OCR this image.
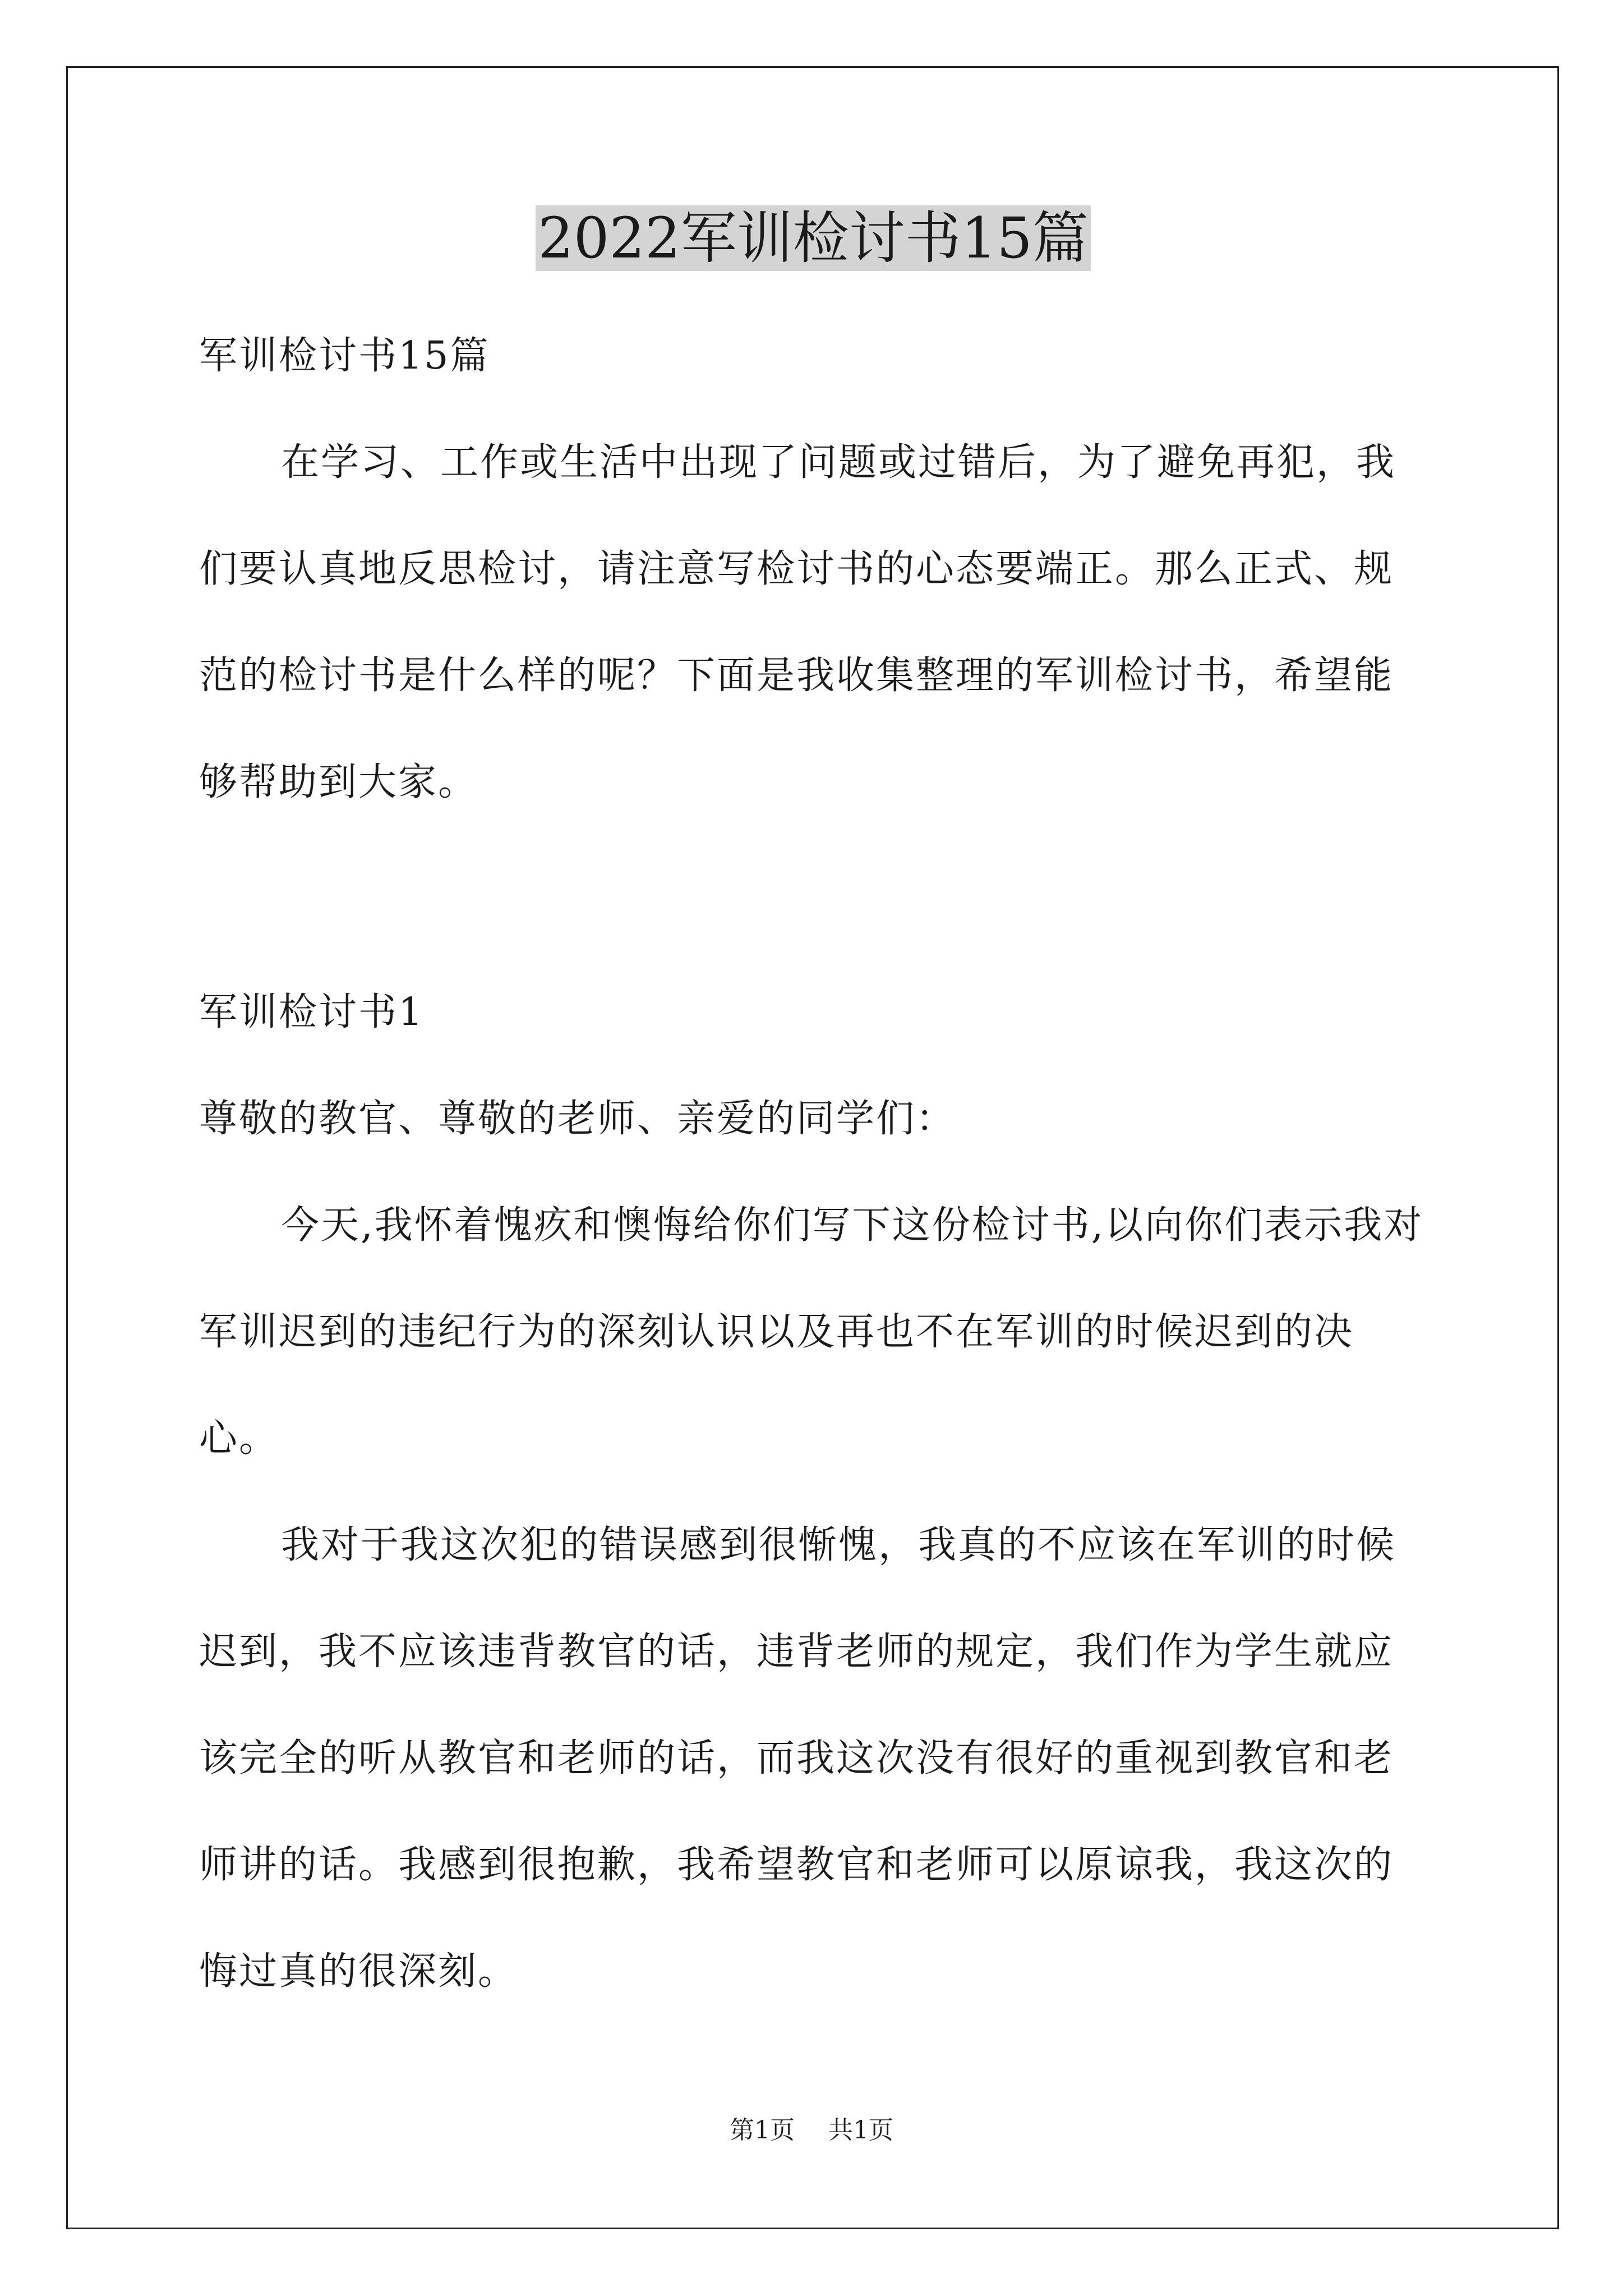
2022军训检讨书15篇

军训检讨书15篇

在学习、工作或生活中出现了问题或过错后，为了避免再犯，我们要认真地反思检讨，请注意写检讨书的心态要端正。那么正式、规范的检讨书是什么样的呢？下面是我收集整理的军训检讨书，希望能够帮助到大家。

军训检讨书1

尊敬的教官、尊敬的老师、亲爱的同学们：

今天,我怀着愧疚和懊悔给你们写下这份检讨书,以向你们表示我对军训迟到的违纪行为的深刻认识以及再也不在军训的时候迟到的决心。

我对于我这次犯的错误感到很惭愧，我真的不应该在军训的时候迟到，我不应该违背教官的话，违背老师的规定，我们作为学生就应该完全的听从教官和老师的话，而我这次没有很好的重视到教官和老师讲的话。我感到很抱歉，我希望教官和老师可以原谅我，我这次的悔过真的很深刻。

第1页 共1页
